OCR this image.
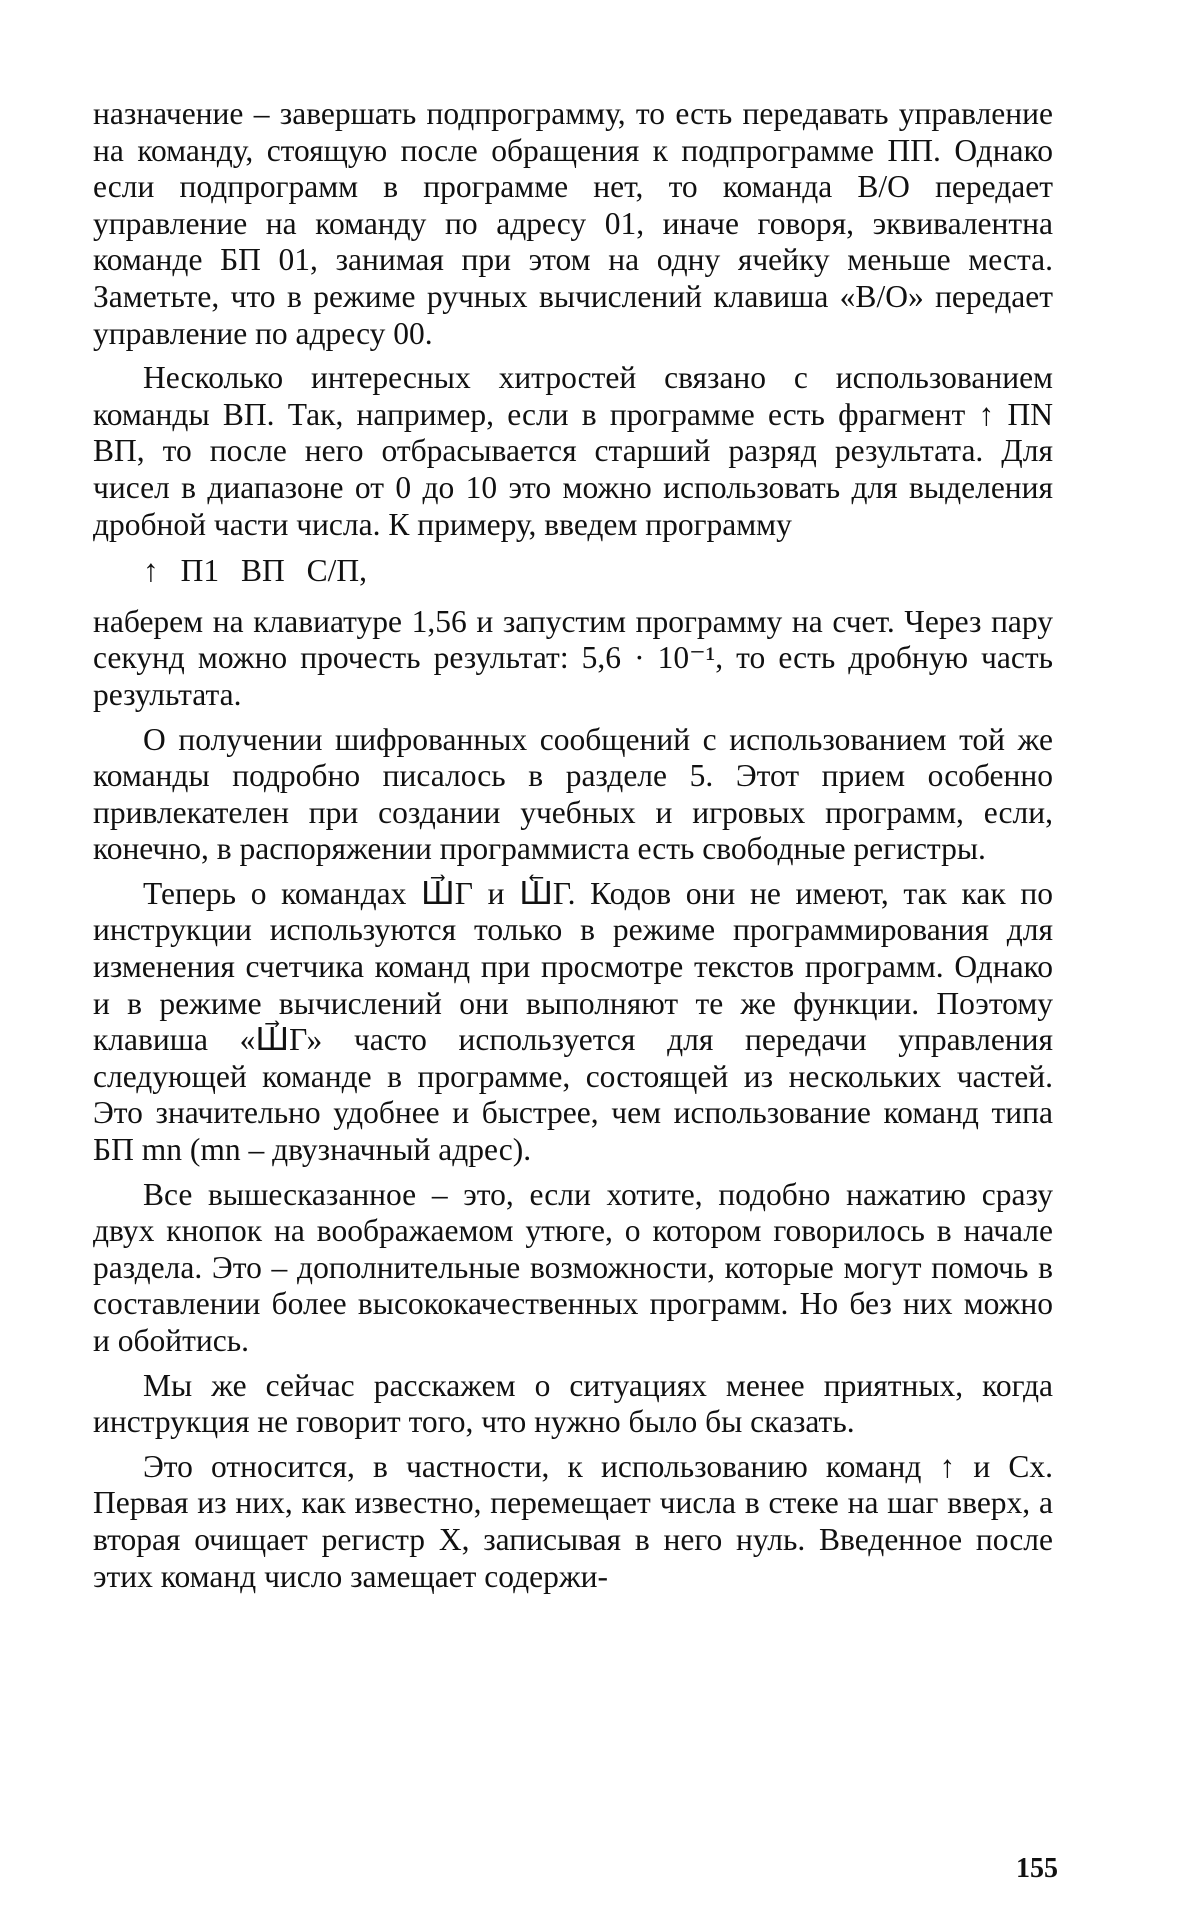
назначение – завершать подпрограмму, то есть передавать управление на команду, стоящую после обращения к подпрограмме ПП. Однако если подпрограмм в программе нет, то команда В/О передает управление на команду по адресу 01, иначе говоря, эквивалентна команде БП 01, занимая при этом на одну ячейку меньше места. Заметьте, что в режиме ручных вычислений клавиша «В/О» передает управление по адресу 00.

Несколько интересных хитростей связано с использованием команды ВП. Так, например, если в программе есть фрагмент ↑ ПN ВП, то после него отбрасывается старший разряд результата. Для чисел в диапазоне от 0 до 10 это можно использовать для выделения дробной части числа. К примеру, введем программу

↑ П1 ВП С/П,

наберем на клавиатуре 1,56 и запустим программу на счет. Через пару секунд можно прочесть результат: 5,6 · 10⁻¹, то есть дробную часть результата.

О получении шифрованных сообщений с использованием той же команды подробно писалось в разделе 5. Этот прием особенно привлекателен при создании учебных и игровых программ, если, конечно, в распоряжении программиста есть свободные регистры.

Теперь о командах Ш⃗Г и Ш⃖Г. Кодов они не имеют, так как по инструкции используются только в режиме программирования для изменения счетчика команд при просмотре текстов программ. Однако и в режиме вычислений они выполняют те же функции. Поэтому клавиша «Ш⃗Г» часто используется для передачи управления следующей команде в программе, состоящей из нескольких частей. Это значительно удобнее и быстрее, чем использование команд типа БП mn (mn – двузначный адрес).

Все вышесказанное – это, если хотите, подобно нажатию сразу двух кнопок на воображаемом утюге, о котором говорилось в начале раздела. Это – дополнительные возможности, которые могут помочь в составлении более высококачественных программ. Но без них можно и обойтись.

Мы же сейчас расскажем о ситуациях менее приятных, когда инструкция не говорит того, что нужно было бы сказать.

Это относится, в частности, к использованию команд ↑ и Cx. Первая из них, как известно, перемещает числа в стеке на шаг вверх, а вторая очищает регистр X, записывая в него нуль. Введенное после этих команд число замещает содержи-

155
